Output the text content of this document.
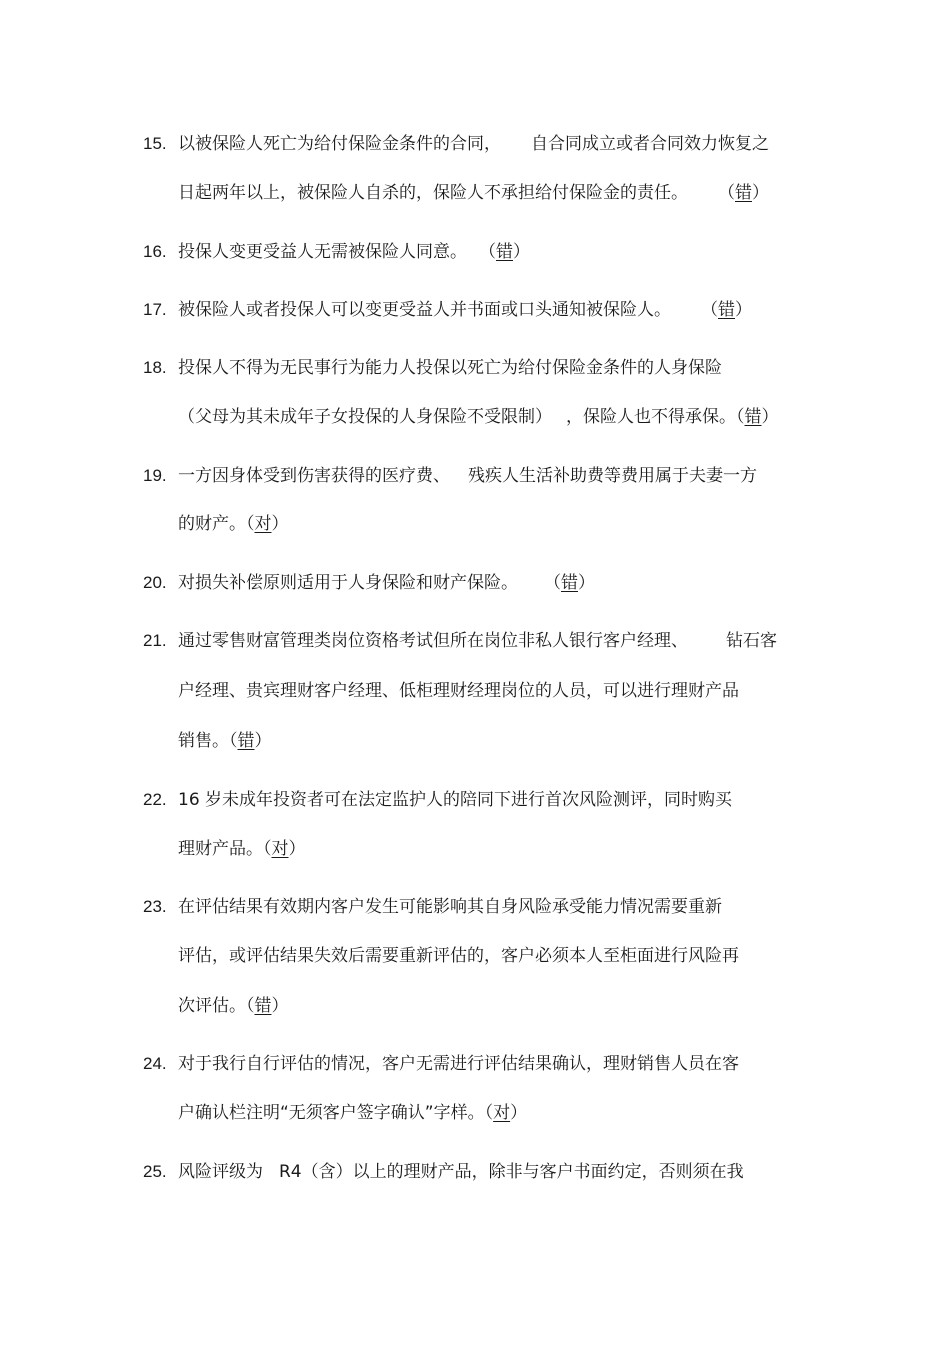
15. 以被保险人死亡为给付保险金条件的合同， 自合同成立或者合同效力恢复之
日起两年以上，被保险人自杀的，保险人不承担给付保险金的责任。 （错）
16. 投保人变更受益人无需被保险人同意。 （错）
17. 被保险人或者投保人可以变更受益人并书面或口头通知被保险人。 （错）
18. 投保人不得为无民事行为能力人投保以死亡为给付保险金条件的人身保险
（父母为其未成年子女投保的人身保险不受限制） ，保险人也不得承保。（错）
19. 一方因身体受到伤害获得的医疗费、 残疾人生活补助费等费用属于夫妻一方
的财产。（对）
20. 对损失补偿原则适用于人身保险和财产保险。 （错）
21. 通过零售财富管理类岗位资格考试但所在岗位非私人银行客户经理、 钻石客
户经理、贵宾理财客户经理、低柜理财经理岗位的人员，可以进行理财产品
销售。（错）
22. 16 岁未成年投资者可在法定监护人的陪同下进行首次风险测评，同时购买
理财产品。（对）
23. 在评估结果有效期内客户发生可能影响其自身风险承受能力情况需要重新
评估，或评估结果失效后需要重新评估的，客户必须本人至柜面进行风险再
次评估。（错）
24. 对于我行自行评估的情况，客户无需进行评估结果确认，理财销售人员在客
户确认栏注明“无须客户签字确认”字样。（对）
25. 风险评级为 R4（含）以上的理财产品，除非与客户书面约定，否则须在我
